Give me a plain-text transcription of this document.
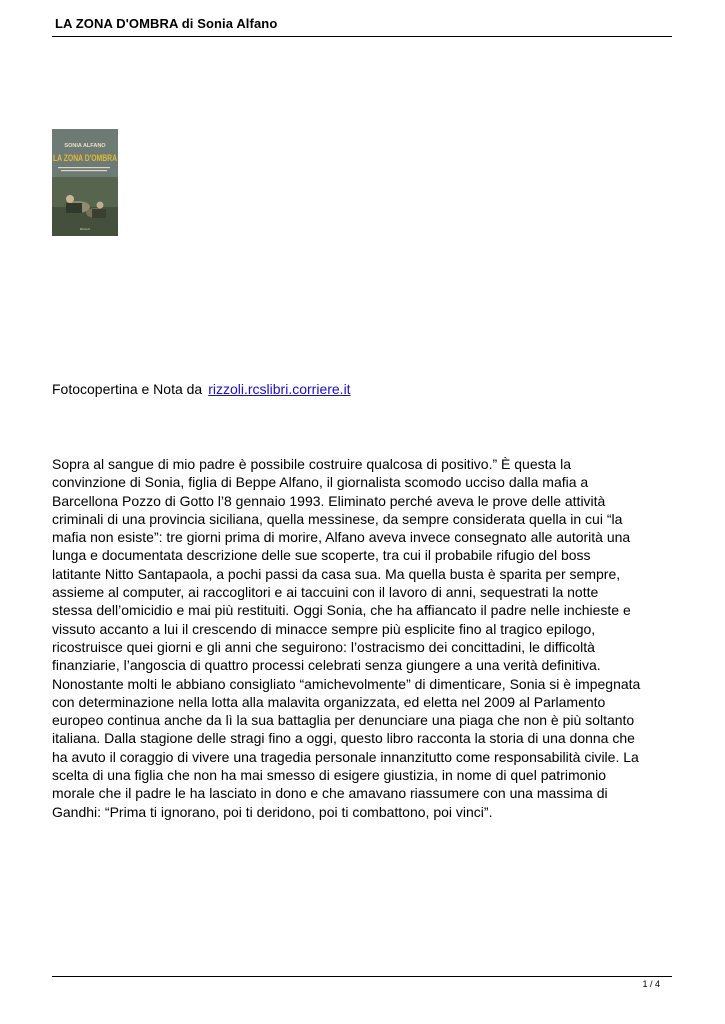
LA ZONA D'OMBRA di Sonia Alfano
SONIA ALFANO
LA ZONA D'OMBRA
Rizzoli
Fotocopertina e Nota da rizzoli.rcslibri.corriere.it

Sopra al sangue di mio padre è possibile costruire qualcosa di positivo.” È questa la
convinzione di Sonia, figlia di Beppe Alfano, il giornalista scomodo ucciso dalla mafia a
Barcellona Pozzo di Gotto l’8 gennaio 1993. Eliminato perché aveva le prove delle attività
criminali di una provincia siciliana, quella messinese, da sempre considerata quella in cui “la
mafia non esiste”: tre giorni prima di morire, Alfano aveva invece consegnato alle autorità una
lunga e documentata descrizione delle sue scoperte, tra cui il probabile rifugio del boss
latitante Nitto Santapaola, a pochi passi da casa sua. Ma quella busta è sparita per sempre,
assieme al computer, ai raccoglitori e ai taccuini con il lavoro di anni, sequestrati la notte
stessa dell’omicidio e mai più restituiti. Oggi Sonia, che ha affiancato il padre nelle inchieste e
vissuto accanto a lui il crescendo di minacce sempre più esplicite fino al tragico epilogo,
ricostruisce quei giorni e gli anni che seguirono: l’ostracismo dei concittadini, le difficoltà
finanziarie, l’angoscia di quattro processi celebrati senza giungere a una verità definitiva.
Nonostante molti le abbiano consigliato “amichevolmente” di dimenticare, Sonia si è impegnata
con determinazione nella lotta alla malavita organizzata, ed eletta nel 2009 al Parlamento
europeo continua anche da lì la sua battaglia per denunciare una piaga che non è più soltanto
italiana. Dalla stagione delle stragi fino a oggi, questo libro racconta la storia di una donna che
ha avuto il coraggio di vivere una tragedia personale innanzitutto come responsabilità civile. La
scelta di una figlia che non ha mai smesso di esigere giustizia, in nome di quel patrimonio
morale che il padre le ha lasciato in dono e che amavano riassumere con una massima di
Gandhi: “Prima ti ignorano, poi ti deridono, poi ti combattono, poi vinci”.

1 / 4
